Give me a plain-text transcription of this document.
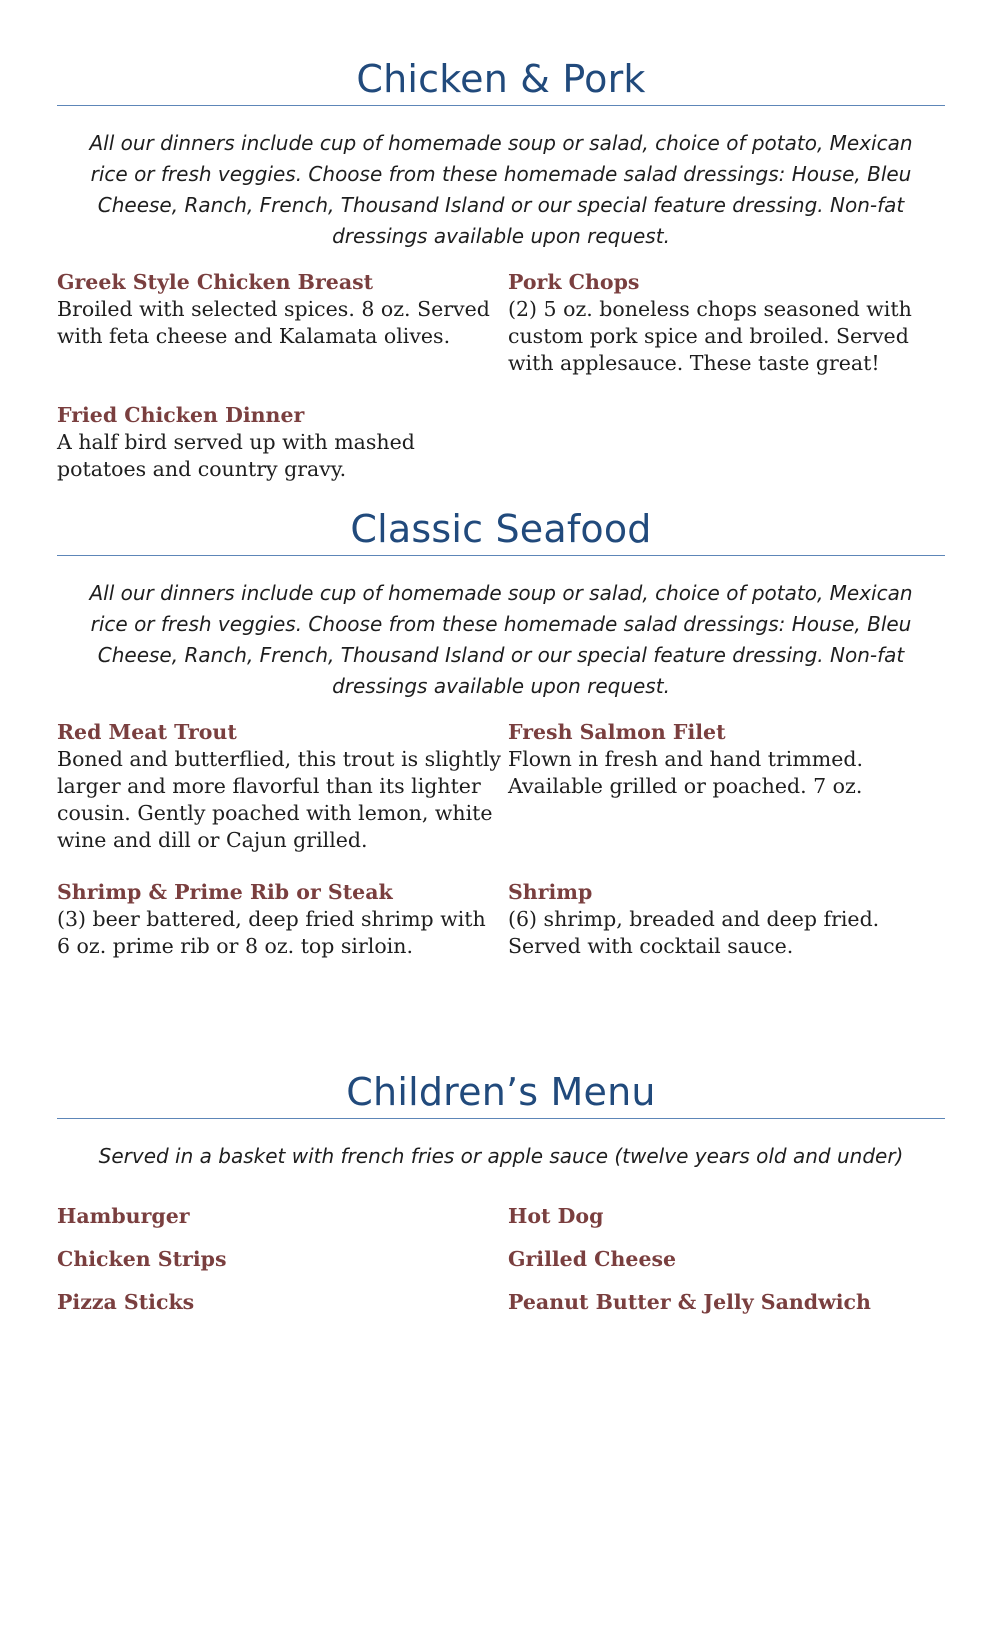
Chicken & Pork
All our dinners include cup of homemade soup or salad, choice of potato, Mexican rice or fresh veggies. Choose from these homemade salad dressings: House, Bleu Cheese, Ranch, French, Thousand Island or our special feature dressing. Non-fat dressings available upon request.
Greek Style Chicken Breast
Broiled with selected spices. 8 oz. Served with feta cheese and Kalamata olives.
Pork Chops
(2) 5 oz. boneless chops seasoned with custom pork spice and broiled. Served with applesauce. These taste great!
Fried Chicken Dinner
A half bird served up with mashed potatoes and country gravy.
Classic Seafood
All our dinners include cup of homemade soup or salad, choice of potato, Mexican rice or fresh veggies. Choose from these homemade salad dressings: House, Bleu Cheese, Ranch, French, Thousand Island or our special feature dressing. Non-fat dressings available upon request.
Red Meat Trout
Boned and butterflied, this trout is slightly larger and more flavorful than its lighter cousin. Gently poached with lemon, white wine and dill or Cajun grilled.
Fresh Salmon Filet
Flown in fresh and hand trimmed. Available grilled or poached. 7 oz.
Shrimp & Prime Rib or Steak
(3) beer battered, deep fried shrimp with 6 oz. prime rib or 8 oz. top sirloin.
Shrimp
(6) shrimp, breaded and deep fried. Served with cocktail sauce.
Children’s Menu
Served in a basket with french fries or apple sauce (twelve years old and under)
Hamburger	Hot Dog
Chicken Strips	Grilled Cheese
Pizza Sticks	Peanut Butter & Jelly Sandwich
